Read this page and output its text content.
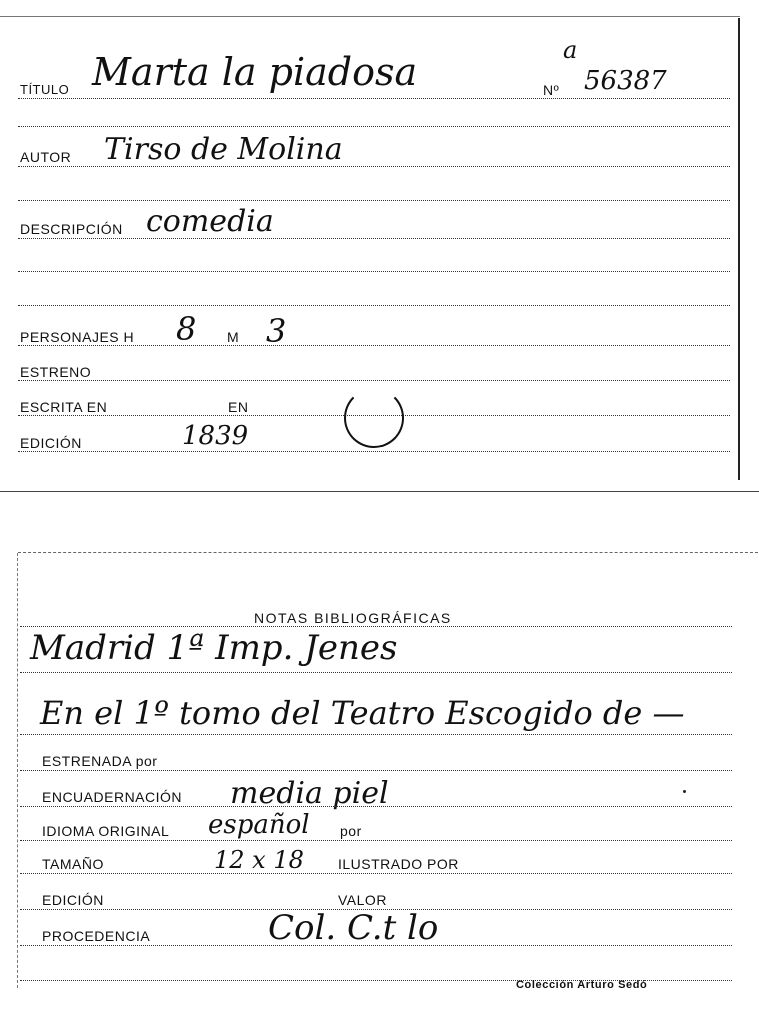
TÍTULO Marta la piadosa	Nº 56387
a
AUTOR Tirso de Molina
DESCRIPCIÓN comedia
PERSONAJES H 8 M 3
ESTRENO
ESCRITA EN	EN
EDICIÓN	1839
NOTAS BIBLIOGRÁFICAS
Madrid 1ª Imp. Jenes
En el 1º tomo del Teatro Escogido de —
ESTRENADA por
ENCUADERNACIÓN media piel
IDIOMA ORIGINAL español por
TAMAÑO	12 x 18 ILUSTRADO POR
EDICIÓN	VALOR
PROCEDENCIA	Col. C.t lo
Colección Arturo Sedó
